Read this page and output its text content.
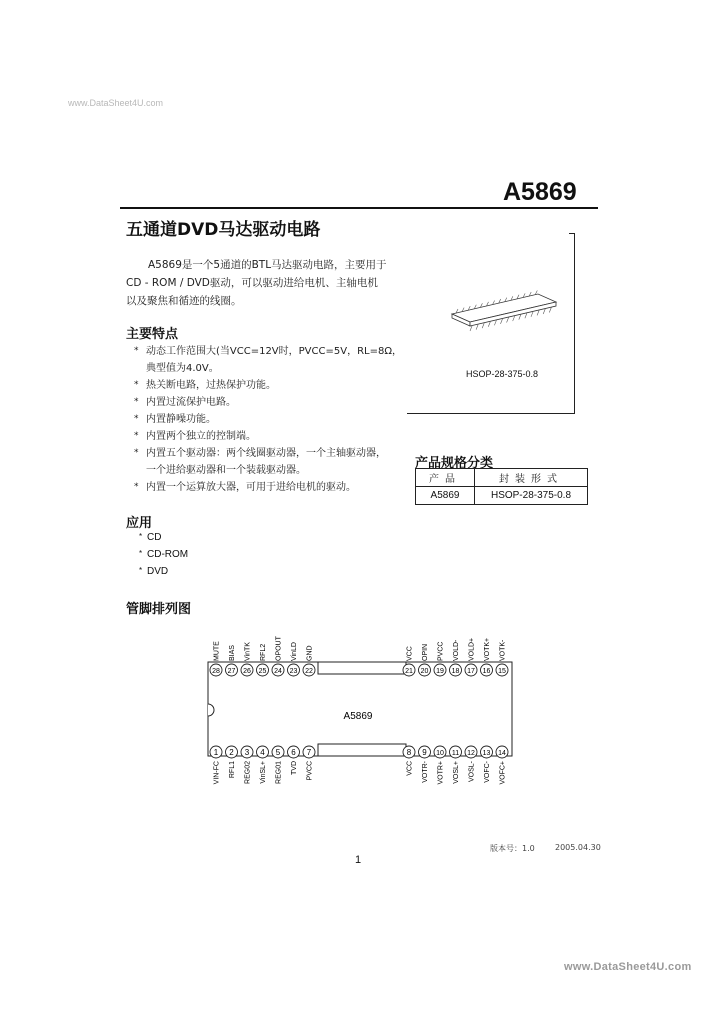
www.DataSheet4U.com
A5869
五通道DVD马达驱动电路

A5869是一个5通道的BTL马达驱动电路，主要用于

CD - ROM / DVD驱动，可以驱动进给电机、主轴电机

以及聚焦和循迹的线圈。

HSOP-28-375-0.8
主要特点
* 动态工作范围大(当VCC=12V时，PVCC=5V，RL=8Ω，
典型值为4.0V。
* 热关断电路，过热保护功能。
* 内置过流保护电路。
* 内置静噪功能。
* 内置两个独立的控制端。
* 内置五个驱动器：两个线圈驱动器，一个主轴驱动器，
一个进给驱动器和一个装载驱动器。
* 内置一个运算放大器，可用于进给电机的驱动。
产品规格分类
产品	封装形式
A5869	HSOP-28-375-0.8
应用
* CD
* CD-ROM
* DVD
管脚排列图
A5869
28
MUTE
27
BIAS
26
VinTK
25
RFL2
24
OPOUT
23
VinLD
22
GND
21
VCC
20
OPIN
19
PVCC
18
VOLD-
17
VOLD+
16
VOTK+
15
VOTK-
1
VIN-FC
2
RFL1
3
REG02
4
VinSL+
5
REG01
6
TVD
7
PVCC
8
VCC
9
VOTR-
10
VOTR+
11
VOSL+
12
VOSL-
13
VOFC-
14
VOFC+
版本号：1.0	2005.04.30
1
www.DataSheet4U.com
